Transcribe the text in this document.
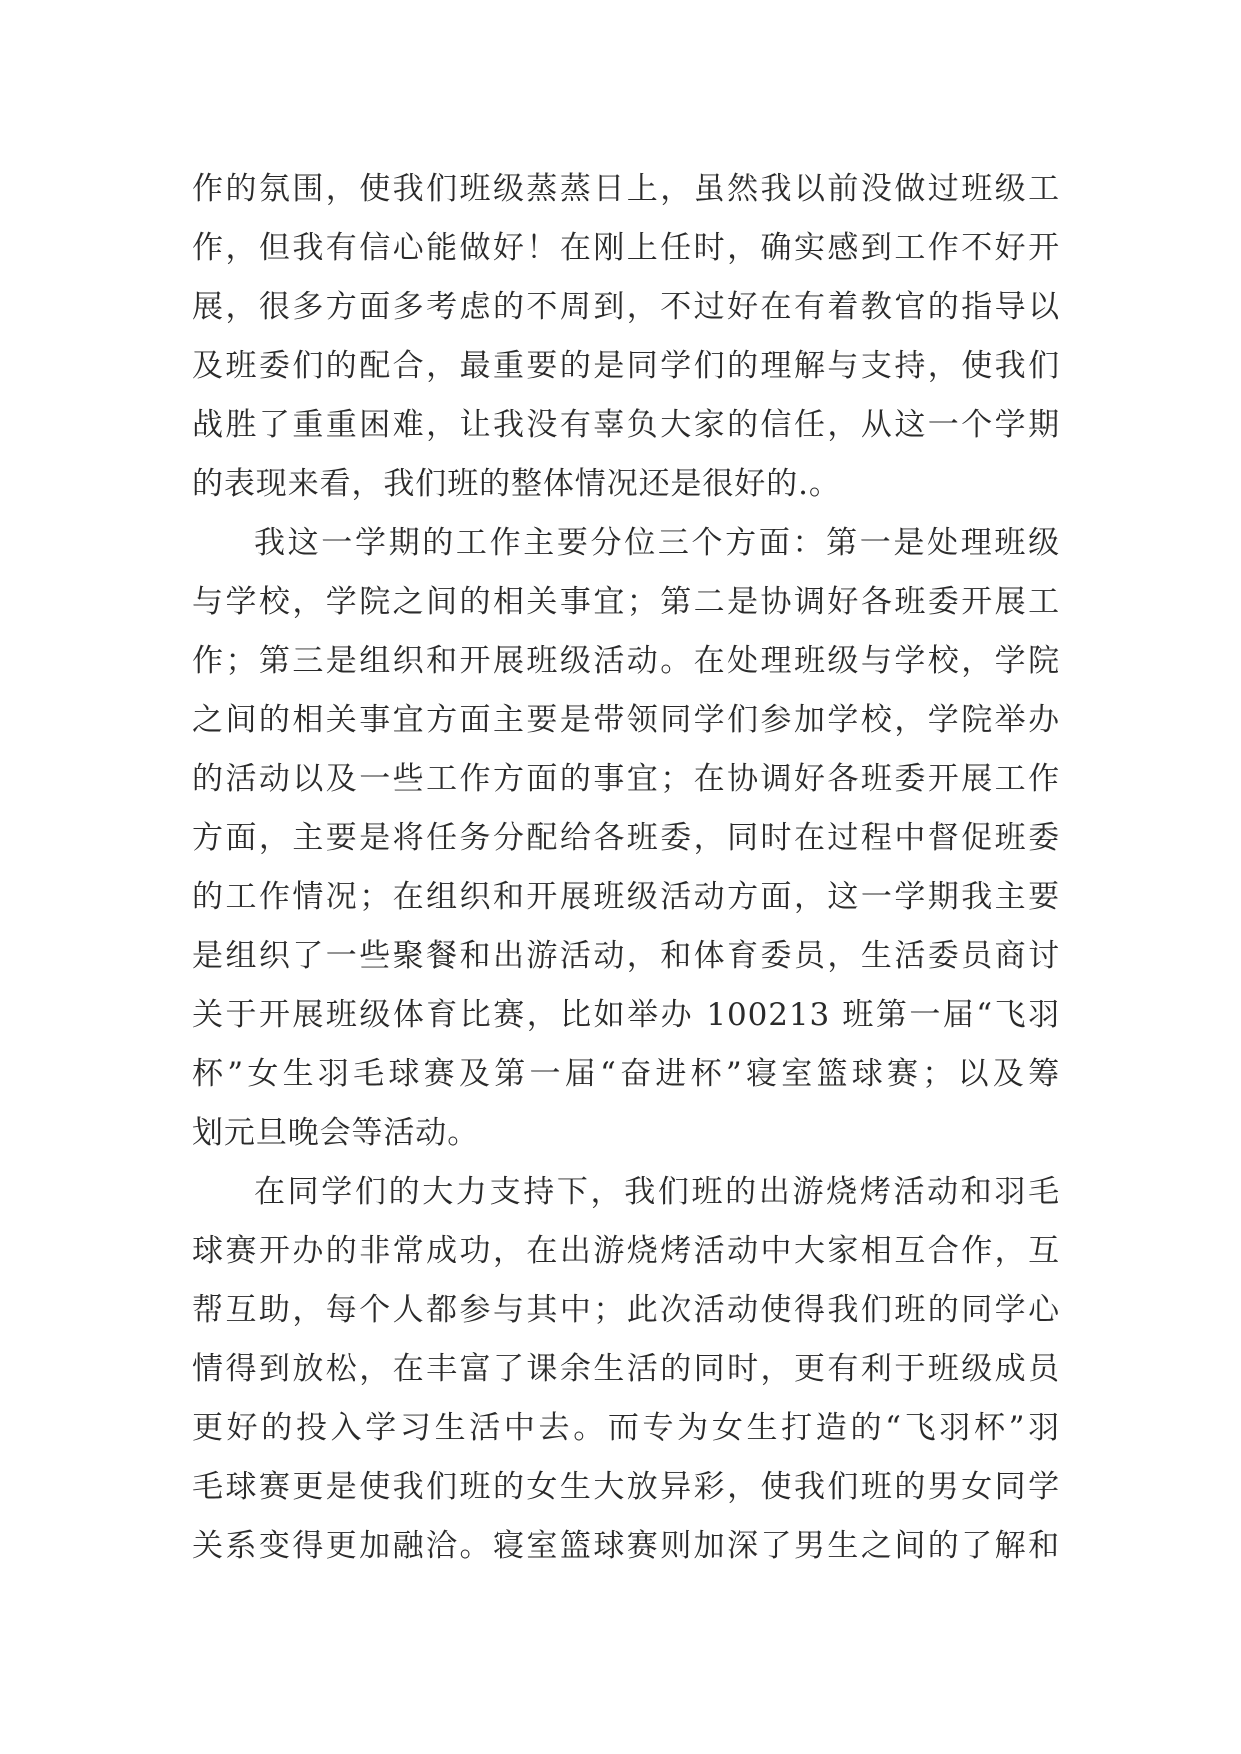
作的氛围，使我们班级蒸蒸日上，虽然我以前没做过班级工
作，但我有信心能做好！在刚上任时，确实感到工作不好开
展，很多方面多考虑的不周到，不过好在有着教官的指导以
及班委们的配合，最重要的是同学们的理解与支持，使我们
战胜了重重困难，让我没有辜负大家的信任，从这一个学期
的表现来看，我们班的整体情况还是很好的.。
我这一学期的工作主要分位三个方面：第一是处理班级
与学校，学院之间的相关事宜；第二是协调好各班委开展工
作；第三是组织和开展班级活动。在处理班级与学校，学院
之间的相关事宜方面主要是带领同学们参加学校，学院举办
的活动以及一些工作方面的事宜；在协调好各班委开展工作
方面，主要是将任务分配给各班委，同时在过程中督促班委
的工作情况；在组织和开展班级活动方面，这一学期我主要
是组织了一些聚餐和出游活动，和体育委员，生活委员商讨
关于开展班级体育比赛，比如举办 100213 班第一届“飞羽
杯”女生羽毛球赛及第一届“奋进杯”寝室篮球赛；以及筹
划元旦晚会等活动。
在同学们的大力支持下，我们班的出游烧烤活动和羽毛
球赛开办的非常成功，在出游烧烤活动中大家相互合作，互
帮互助，每个人都参与其中；此次活动使得我们班的同学心
情得到放松，在丰富了课余生活的同时，更有利于班级成员
更好的投入学习生活中去。而专为女生打造的“飞羽杯”羽
毛球赛更是使我们班的女生大放异彩，使我们班的男女同学
关系变得更加融洽。寝室篮球赛则加深了男生之间的了解和
